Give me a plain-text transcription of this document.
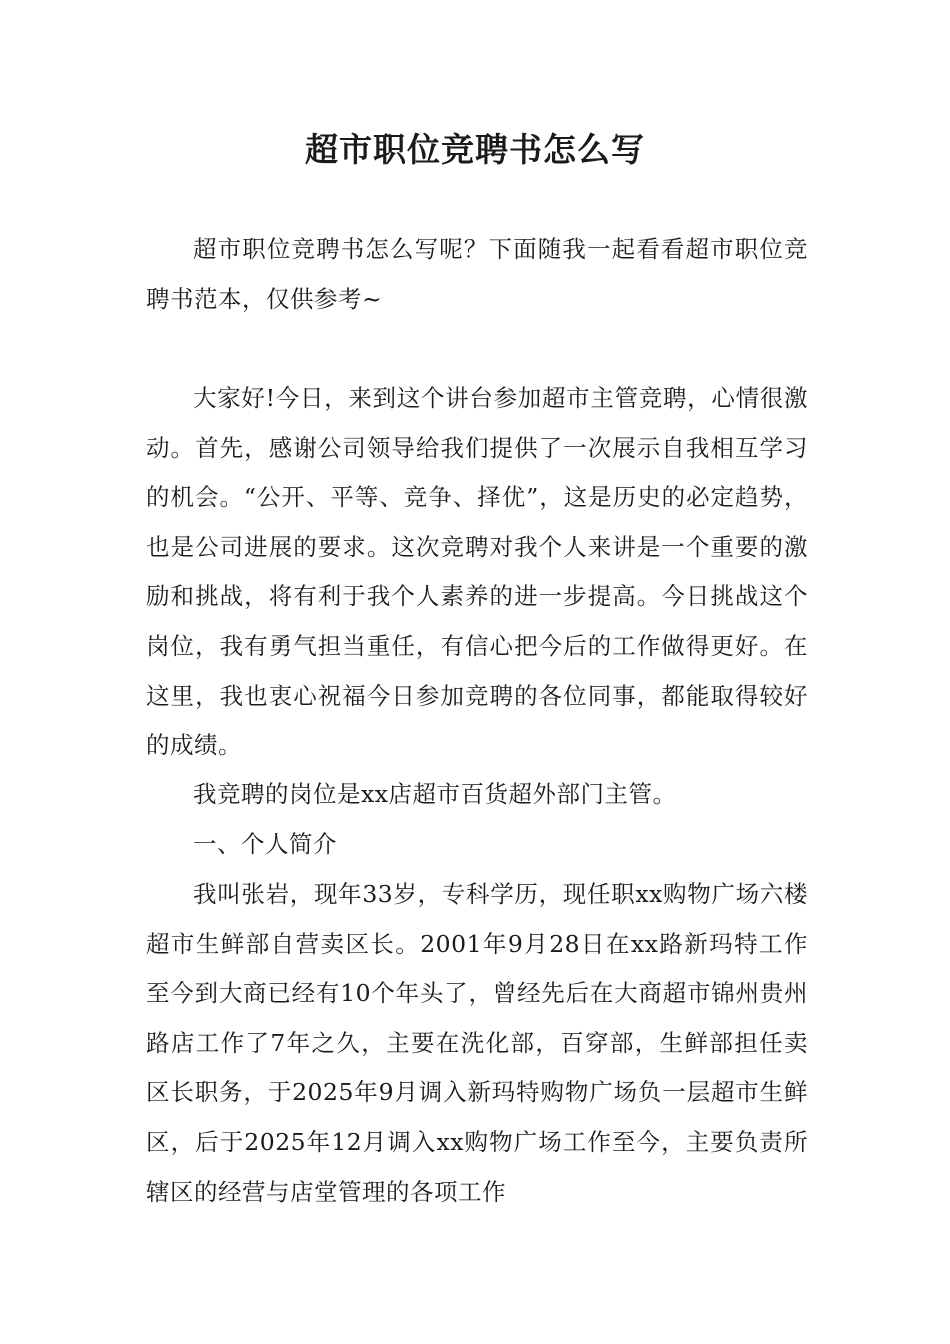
超市职位竞聘书怎么写

超市职位竞聘书怎么写呢？下面随我一起看看超市职位竞聘书范本，仅供参考~

大家好!今日，来到这个讲台参加超市主管竞聘，心情很激动。首先，感谢公司领导给我们提供了一次展示自我相互学习的机会。“公开、平等、竞争、择优”，这是历史的必定趋势，也是公司进展的要求。这次竞聘对我个人来讲是一个重要的激励和挑战，将有利于我个人素养的进一步提高。今日挑战这个岗位，我有勇气担当重任，有信心把今后的工作做得更好。在这里，我也衷心祝福今日参加竞聘的各位同事，都能取得较好的成绩。

我竞聘的岗位是xx店超市百货超外部门主管。

一、个人简介

我叫张岩，现年33岁，专科学历，现任职xx购物广场六楼超市生鲜部自营卖区长。2001年9月28日在xx路新玛特工作至今到大商已经有10个年头了，曾经先后在大商超市锦州贵州路店工作了7年之久，主要在洗化部，百穿部，生鲜部担任卖区长职务，于2025年9月调入新玛特购物广场负一层超市生鲜区，后于2025年12月调入xx购物广场工作至今，主要负责所辖区的经营与店堂管理的各项工作
